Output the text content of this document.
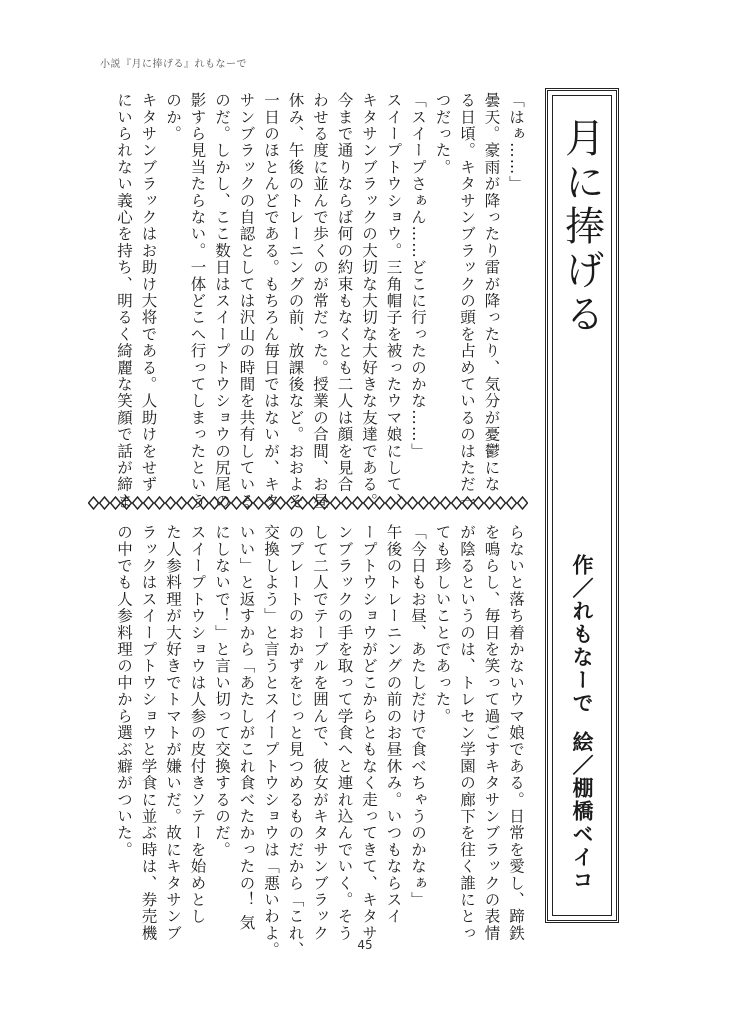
小説『月に捧げる』れもなーで
「はぁ……」
曇天。豪雨が降ったり雷が降ったり、気分が憂鬱にな
る日頃。キタサンブラックの頭を占めているのはただ一
つだった。
「スイープさぁん……どこに行ったのかな……」
スイープトウショウ。三角帽子を被ったウマ娘にして、
キタサンブラックの大切な大切な大好きな友達である。
今まで通りならば何の約束もなくとも二人は顔を見合
わせる度に並んで歩くのが常だった。授業の合間、お昼
休み、午後のトレーニングの前、放課後など。おおよそ
一日のほとんどである。もちろん毎日ではないが、キタ
サンブラックの自認としては沢山の時間を共有している
のだ。しかし、ここ数日はスイープトウショウの尻尾の
影すら見当たらない。一体どこへ行ってしまったという
のか。
キタサンブラックはお助け大将である。人助けをせず
にいられない義心を持ち、明るく綺麗な笑顔で話が締ま
らないと落ち着かないウマ娘である。日常を愛し、蹄鉄
を鳴らし、毎日を笑って過ごすキタサンブラックの表情
が陰るというのは、トレセン学園の廊下を往く誰にとっ
ても珍しいことであった。
「今日もお昼、あたしだけで食べちゃうのかなぁ」
午後のトレーニングの前のお昼休み。いつもならスイ
ープトウショウがどこからともなく走ってきて、キタサ
ンブラックの手を取って学食へと連れ込んでいく。そう
して二人でテーブルを囲んで、彼女がキタサンブラック
のプレートのおかずをじっと見つめるものだから「これ、
交換しよう」と言うとスイープトウショウは「悪いわよ。
いい」と返すから「あたしがこれ食べたかったの！ 気
にしないで！」と言い切って交換するのだ。
スイープトウショウは人参の皮付きソテーを始めとし
た人参料理が大好きでトマトが嫌いだ。故にキタサンブ
ラックはスイープトウショウと学食に並ぶ時は、券売機
の中でも人参料理の中から選ぶ癖がついた。
月に捧げる
作／れもなーで絵／棚橋ベイコ
45
